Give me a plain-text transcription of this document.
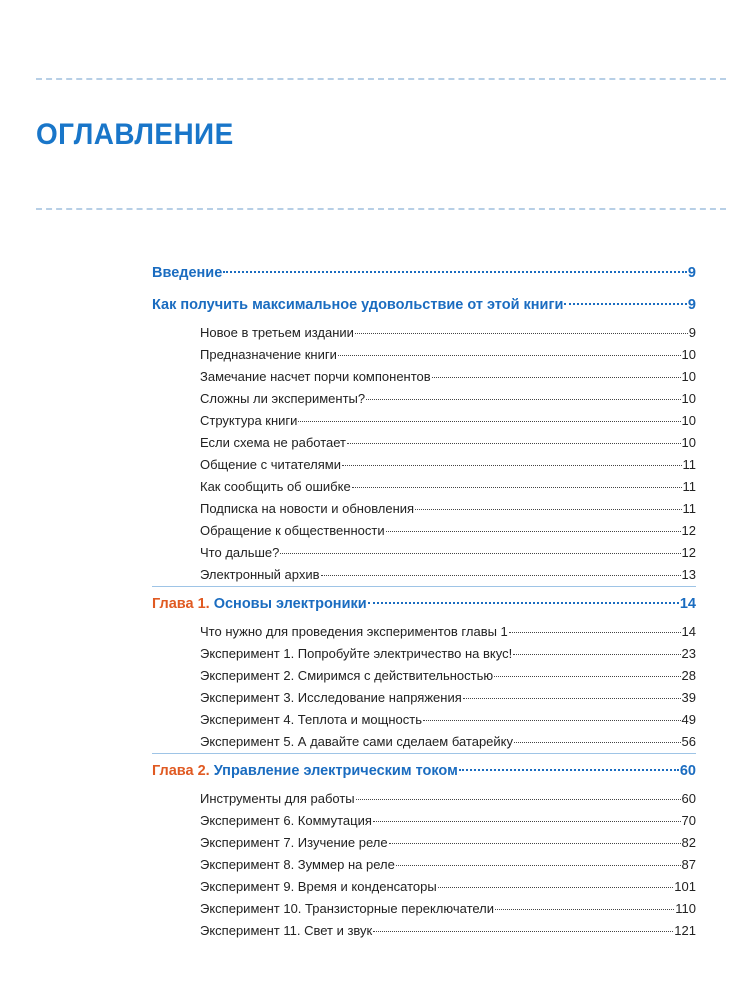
ОГЛАВЛЕНИЕ
Введение	9
Как получить максимальное удовольствие от этой книги	9
Новое в третьем издании	9
Предназначение книги	10
Замечание насчет порчи компонентов	10
Сложны ли эксперименты?	10
Структура книги	10
Если схема не работает	10
Общение с читателями	11
Как сообщить об ошибке	11
Подписка на новости и обновления	11
Обращение к общественности	12
Что дальше?	12
Электронный архив	13
Глава 1. Основы электроники	14
Что нужно для проведения экспериментов главы 1	14
Эксперимент 1. Попробуйте электричество на вкус!	23
Эксперимент 2. Смиримся с действительностью	28
Эксперимент 3. Исследование напряжения	39
Эксперимент 4. Теплота и мощность	49
Эксперимент 5. А давайте сами сделаем батарейку	56
Глава 2. Управление электрическим током	60
Инструменты для работы	60
Эксперимент 6. Коммутация	70
Эксперимент 7. Изучение реле	82
Эксперимент 8. Зуммер на реле	87
Эксперимент 9. Время и конденсаторы	101
Эксперимент 10. Транзисторные переключатели	110
Эксперимент 11. Свет и звук	121
